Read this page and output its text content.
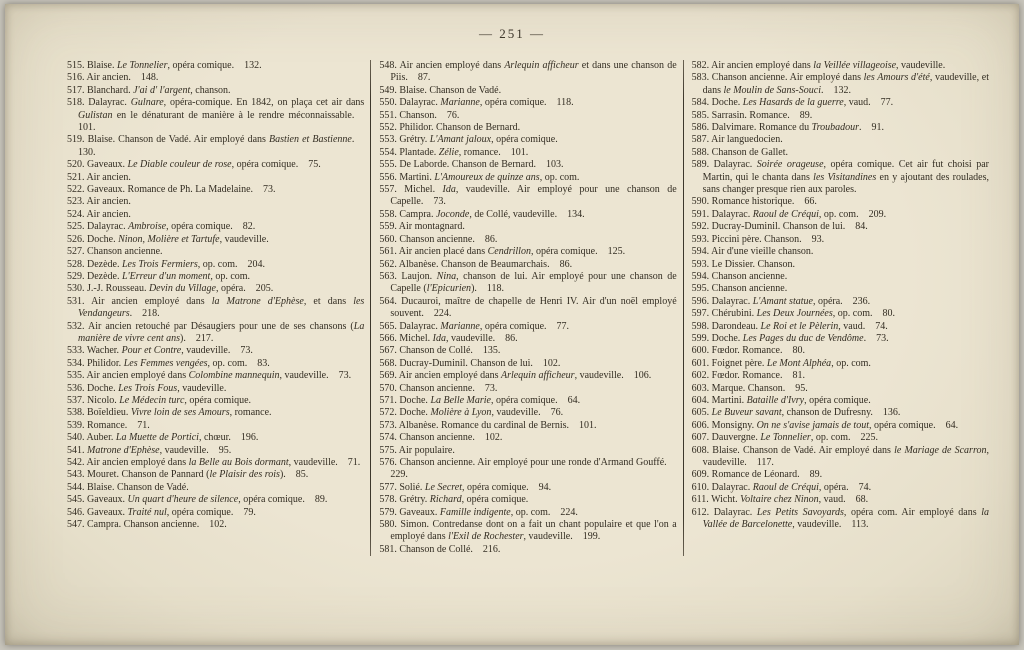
— 251 —
515. Blaise. Le Tonnelier, opéra comique. 132.
516. Air ancien. 148.
517. Blanchard. J'ai d' l'argent, chanson.
518. Dalayrac. Gulnare, opéra-comique. En 1842, on plaça cet air dans Gulistan en le dénaturant de manière à le rendre méconnaissable. 101.
519. Blaise. Chanson de Vadé. Air employé dans Bastien et Bastienne. 130.
520. Gaveaux. Le Diable couleur de rose, opéra comique. 75.
521. Air ancien.
522. Gaveaux. Romance de Ph. La Madelaine. 73.
523. Air ancien.
524. Air ancien.
525. Dalayrac. Ambroise, opéra comique. 82.
526. Doche. Ninon, Molière et Tartufe, vaudeville.
527. Chanson ancienne.
528. Dezède. Les Trois Fermiers, op. com. 204.
529. Dezède. L'Erreur d'un moment, op. com.
530. J.-J. Rousseau. Devin du Village, opéra. 205.
531. Air ancien employé dans la Matrone d'Ephèse, et dans les Vendangeurs. 218.
532. Air ancien retouché par Désaugiers pour une de ses chansons (La manière de vivre cent ans). 217.
533. Wacher. Pour et Contre, vaudeville. 73.
534. Philidor. Les Femmes vengées, op. com. 83.
535. Air ancien employé dans Colombine mannequin, vaudeville. 73.
536. Doche. Les Trois Fous, vaudeville.
537. Nicolo. Le Médecin turc, opéra comique.
538. Boïeldieu. Vivre loin de ses Amours, romance.
539. Romance. 71.
540. Auber. La Muette de Portici, chœur. 196.
541. Matrone d'Ephèse, vaudeville. 95.
542. Air ancien employé dans la Belle au Bois dormant, vaudeville. 71.
543. Mouret. Chanson de Pannard (le Plaisir des rois). 85.
544. Blaise. Chanson de Vadé.
545. Gaveaux. Un quart d'heure de silence, opéra comique. 89.
546. Gaveaux. Traité nul, opéra comique. 79.
547. Campra. Chanson ancienne. 102.
548. Air ancien employé dans Arlequin afficheur et dans une chanson de Piis. 87.
549. Blaise. Chanson de Vadé.
550. Dalayrac. Marianne, opéra comique. 118.
551. Chanson. 76.
552. Philidor. Chanson de Bernard.
553. Grétry. L'Amant jaloux, opéra comique.
554. Plantade. Zélie, romance. 101.
555. De Laborde. Chanson de Bernard. 103.
556. Martini. L'Amoureux de quinze ans, op. com.
557. Michel. Ida, vaudeville. Air employé pour une chanson de Capelle. 73.
558. Campra. Joconde, de Collé, vaudeville. 134.
559. Air montagnard.
560. Chanson ancienne. 86.
561. Air ancien placé dans Cendrillon, opéra comique. 125.
562. Albanèse. Chanson de Beaumarchais. 86.
563. Laujon. Nina, chanson de lui. Air employé pour une chanson de Capelle (l'Epicurien). 118.
564. Ducauroi, maître de chapelle de Henri IV. Air d'un noël employé souvent. 224.
565. Dalayrac. Marianne, opéra comique. 77.
566. Michel. Ida, vaudeville. 86.
567. Chanson de Collé. 135.
568. Ducray-Duminil. Chanson de lui. 102.
569. Air ancien employé dans Arlequin afficheur, vaudeville. 106.
570. Chanson ancienne. 73.
571. Doche. La Belle Marie, opéra comique. 64.
572. Doche. Molière à Lyon, vaudeville. 76.
573. Albanèse. Romance du cardinal de Bernis. 101.
574. Chanson ancienne. 102.
575. Air populaire.
576. Chanson ancienne. Air employé pour une ronde d'Armand Gouffé. 229.
577. Solié. Le Secret, opéra comique. 94.
578. Grétry. Richard, opéra comique.
579. Gaveaux. Famille indigente, op. com. 224.
580. Simon. Contredanse dont on a fait un chant populaire et que l'on a employé dans l'Exil de Rochester, vaudeville. 199.
581. Chanson de Collé. 216.
582. Air ancien employé dans la Veillée villageoise, vaudeville.
583. Chanson ancienne. Air employé dans les Amours d'été, vaudeville, et dans le Moulin de Sans-Souci. 132.
584. Doche. Les Hasards de la guerre, vaud. 77.
585. Sarrasin. Romance. 89.
586. Dalvimare. Romance du Troubadour. 91.
587. Air languedocien.
588. Chanson de Gallet.
589. Dalayrac. Soirée orageuse, opéra comique. Cet air fut choisi par Martin, qui le chanta dans les Visitandines en y ajoutant des roulades, sans changer presque rien aux paroles.
590. Romance historique. 66.
591. Dalayrac. Raoul de Créqui, op. com. 209.
592. Ducray-Duminil. Chanson de lui. 84.
593. Piccini père. Chanson. 93.
594. Air d'une vieille chanson.
593. Le Dissier. Chanson.
594. Chanson ancienne.
595. Chanson ancienne.
596. Dalayrac. L'Amant statue, opéra. 236.
597. Chérubini. Les Deux Journées, op. com. 80.
598. Darondeau. Le Roi et le Pèlerin, vaud. 74.
599. Doche. Les Pages du duc de Vendôme. 73.
600. Fœdor. Romance. 80.
601. Foignet père. Le Mont Alphéa, op. com.
602. Fœdor. Romance. 81.
603. Marque. Chanson. 95.
604. Martini. Bataille d'Ivry, opéra comique.
605. Le Buveur savant, chanson de Dufresny. 136.
606. Monsigny. On ne s'avise jamais de tout, opéra comique. 64.
607. Dauvergne. Le Tonnelier, op. com. 225.
608. Blaise. Chanson de Vadé. Air employé dans le Mariage de Scarron, vaudeville. 117.
609. Romance de Léonard. 89.
610. Dalayrac. Raoul de Créqui, opéra. 74.
611. Wicht. Voltaire chez Ninon, vaud. 68.
612. Dalayrac. Les Petits Savoyards, opéra com. Air employé dans la Vallée de Barcelonette, vaudeville. 113.
